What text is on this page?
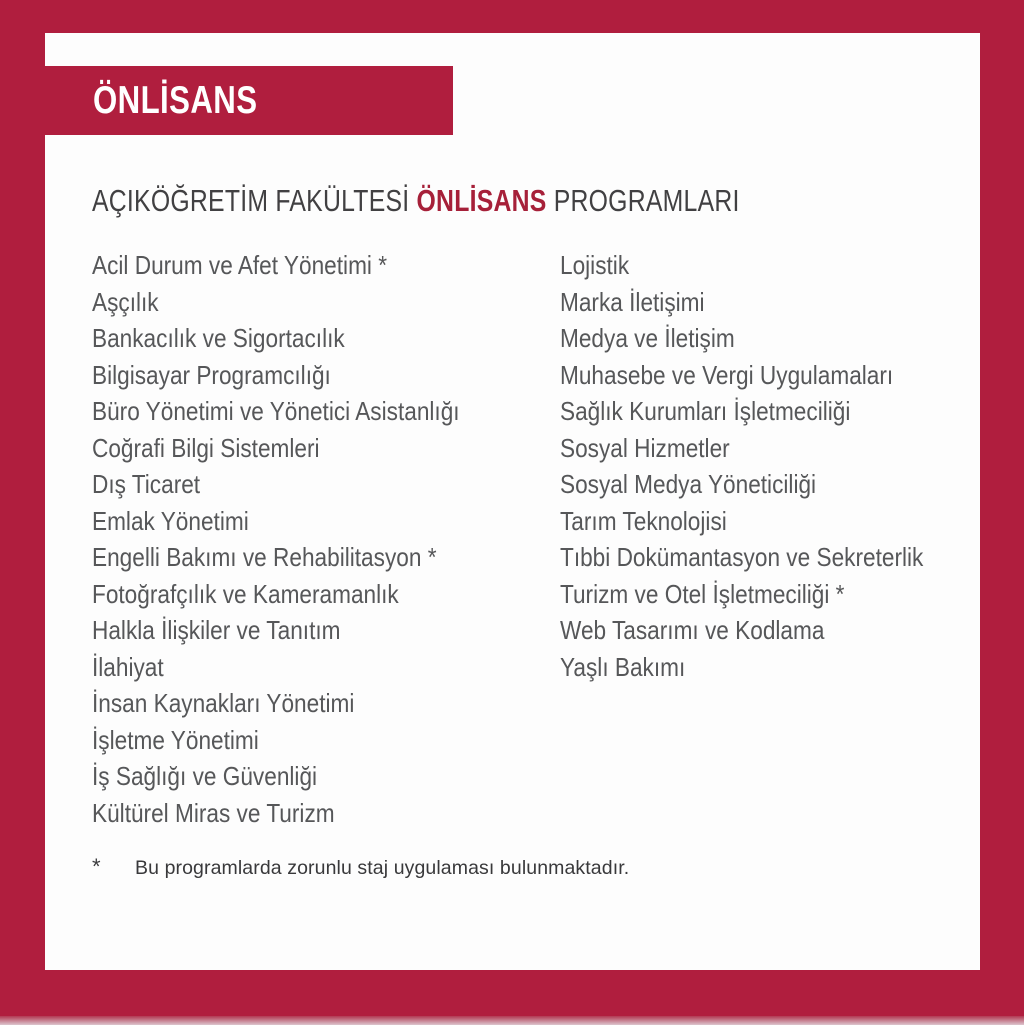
ÖNLİSANS
AÇIKÖĞRETİM FAKÜLTESİ ÖNLİSANS PROGRAMLARI
Acil Durum ve Afet Yönetimi *
Aşçılık
Bankacılık ve Sigortacılık
Bilgisayar Programcılığı
Büro Yönetimi ve Yönetici Asistanlığı
Coğrafi Bilgi Sistemleri
Dış Ticaret
Emlak Yönetimi
Engelli Bakımı ve Rehabilitasyon *
Fotoğrafçılık ve Kameramanlık
Halkla İlişkiler ve Tanıtım
İlahiyat
İnsan Kaynakları Yönetimi
İşletme Yönetimi
İş Sağlığı ve Güvenliği
Kültürel Miras ve Turizm
Lojistik
Marka İletişimi
Medya ve İletişim
Muhasebe ve Vergi Uygulamaları
Sağlık Kurumları İşletmeciliği
Sosyal Hizmetler
Sosyal Medya Yöneticiliği
Tarım Teknolojisi
Tıbbi Dokümantasyon ve Sekreterlik
Turizm ve Otel İşletmeciliği *
Web Tasarımı ve Kodlama
Yaşlı Bakımı
*	Bu programlarda zorunlu staj uygulaması bulunmaktadır.
